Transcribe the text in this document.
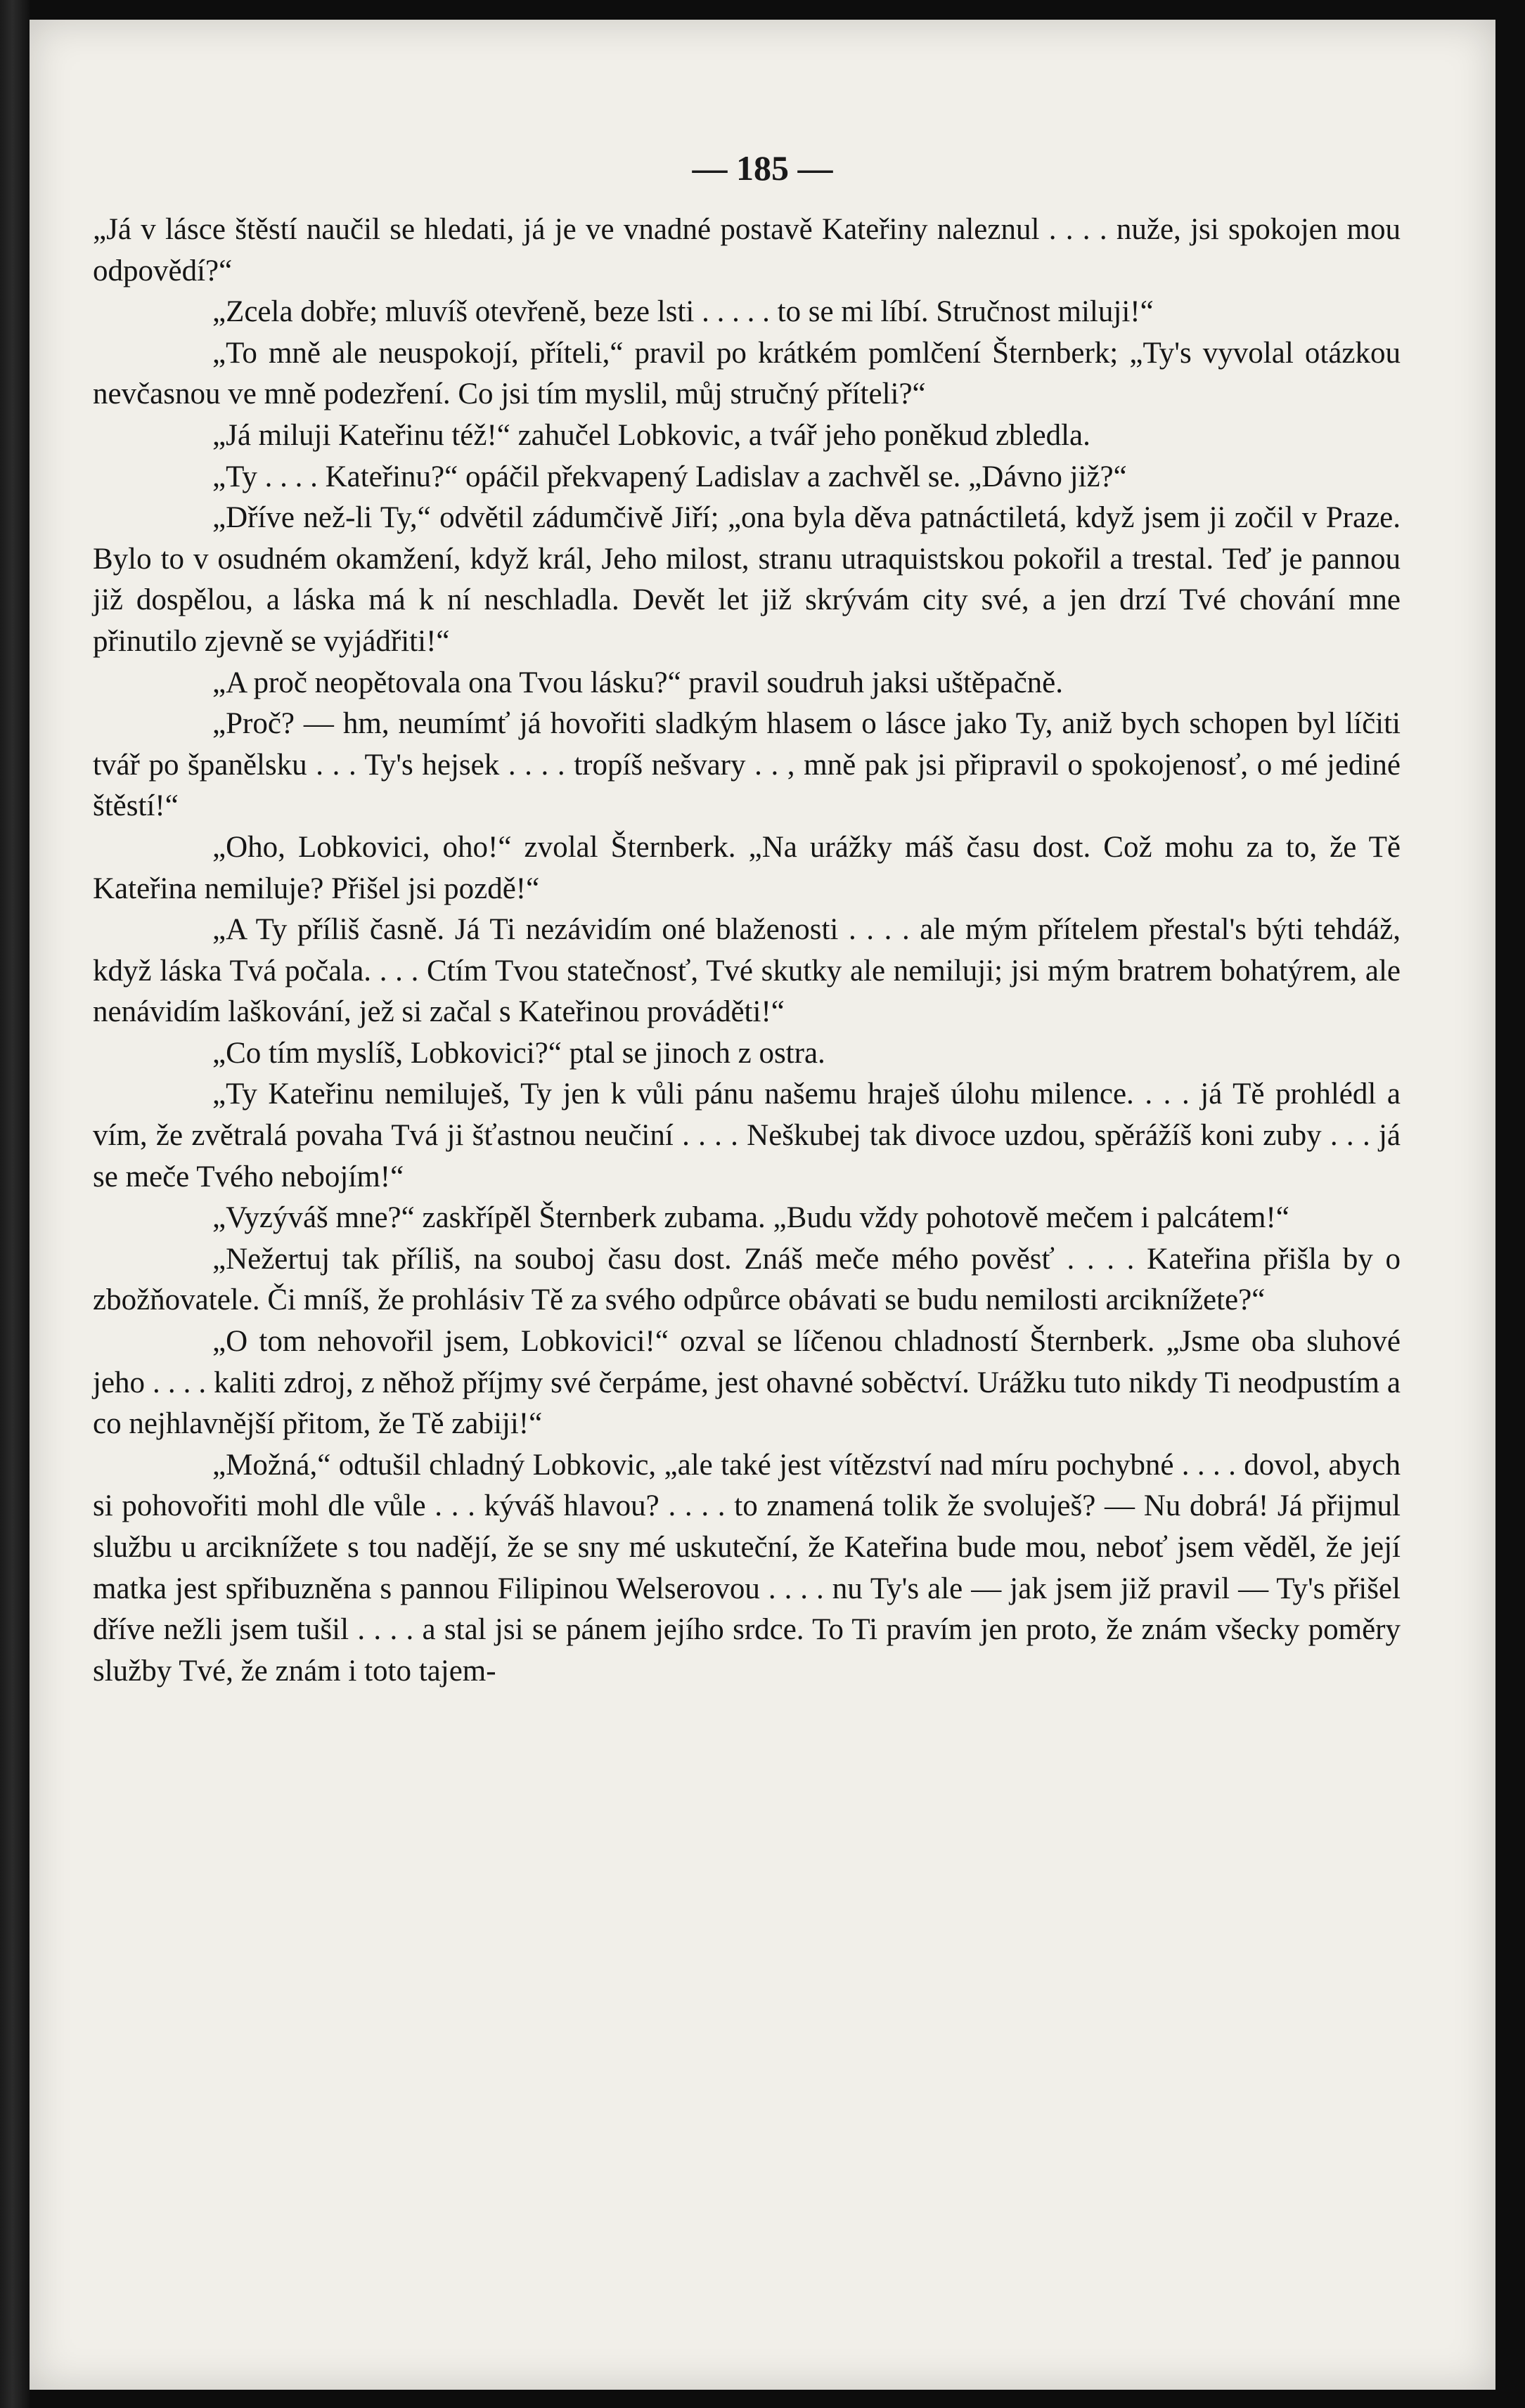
— 185 —

„Já v lásce štěstí naučil se hledati, já je ve vnadné postavě Kateřiny naleznul . . . . nuže, jsi spokojen mou odpovědí?“

„Zcela dobře; mluvíš otevřeně, beze lsti . . . . . to se mi líbí. Stručnost miluji!“

„To mně ale neuspokojí, příteli,“ pravil po krátkém pomlčení Šternberk; „Ty's vyvolal otázkou nevčasnou ve mně podezření. Co jsi tím myslil, můj stručný příteli?“

„Já miluji Kateřinu též!“ zahučel Lobkovic, a tvář jeho poněkud zbledla.

„Ty . . . . Kateřinu?“ opáčil překvapený Ladislav a zachvěl se. „Dávno již?“

„Dříve než-li Ty,“ odvětil zádumčivě Jiří; „ona byla děva patnáctiletá, když jsem ji zočil v Praze. Bylo to v osudném okamžení, když král, Jeho milost, stranu utraquistskou pokořil a trestal. Teď je pannou již dospělou, a láska má k ní neschladla. Devět let již skrývám city své, a jen drzí Tvé chování mne přinutilo zjevně se vyjádřiti!“

„A proč neopětovala ona Tvou lásku?“ pravil soudruh jaksi uštěpačně.

„Proč? — hm, neumímť já hovořiti sladkým hlasem o lásce jako Ty, aniž bych schopen byl líčiti tvář po španělsku . . . Ty's hejsek . . . . tropíš nešvary . . , mně pak jsi připravil o spokojenosť, o mé jediné štěstí!“

„Oho, Lobkovici, oho!“ zvolal Šternberk. „Na urážky máš času dost. Což mohu za to, že Tě Kateřina nemiluje? Přišel jsi pozdě!“

„A Ty příliš časně. Já Ti nezávidím oné blaženosti . . . . ale mým přítelem přestal's býti tehdáž, když láska Tvá počala. . . . Ctím Tvou statečnosť, Tvé skutky ale nemiluji; jsi mým bratrem bohatýrem, ale nenávidím laškování, jež si začal s Kateřinou prováděti!“

„Co tím myslíš, Lobkovici?“ ptal se jinoch z ostra.

„Ty Kateřinu nemiluješ, Ty jen k vůli pánu našemu hraješ úlohu milence. . . . já Tě prohlédl a vím, že zvětralá povaha Tvá ji šťastnou neučiní . . . . Neškubej tak divoce uzdou, spěrážíš koni zuby . . . já se meče Tvého nebojím!“

„Vyzýváš mne?“ zaskřípěl Šternberk zubama. „Budu vždy pohotově mečem i palcátem!“

„Nežertuj tak příliš, na souboj času dost. Znáš meče mého pověsť . . . . Kateřina přišla by o zbožňovatele. Či mníš, že prohlásiv Tě za svého odpůrce obávati se budu nemilosti arciknížete?“

„O tom nehovořil jsem, Lobkovici!“ ozval se líčenou chladností Šternberk. „Jsme oba sluhové jeho . . . . kaliti zdroj, z něhož příjmy své čerpáme, jest ohavné soběctví. Urážku tuto nikdy Ti neodpustím a co nejhlavnější přitom, že Tě zabiji!“

„Možná,“ odtušil chladný Lobkovic, „ale také jest vítězství nad míru pochybné . . . . dovol, abych si pohovořiti mohl dle vůle . . . kýváš hlavou? . . . . to znamená tolik že svoluješ? — Nu dobrá! Já přijmul službu u arciknížete s tou nadějí, že se sny mé uskuteční, že Kateřina bude mou, neboť jsem věděl, že její matka jest spřibuzněna s pannou Filipinou Welserovou . . . . nu Ty's ale — jak jsem již pravil — Ty's přišel dříve nežli jsem tušil . . . . a stal jsi se pánem jejího srdce. To Ti pravím jen proto, že znám všecky poměry služby Tvé, že znám i toto tajem-
